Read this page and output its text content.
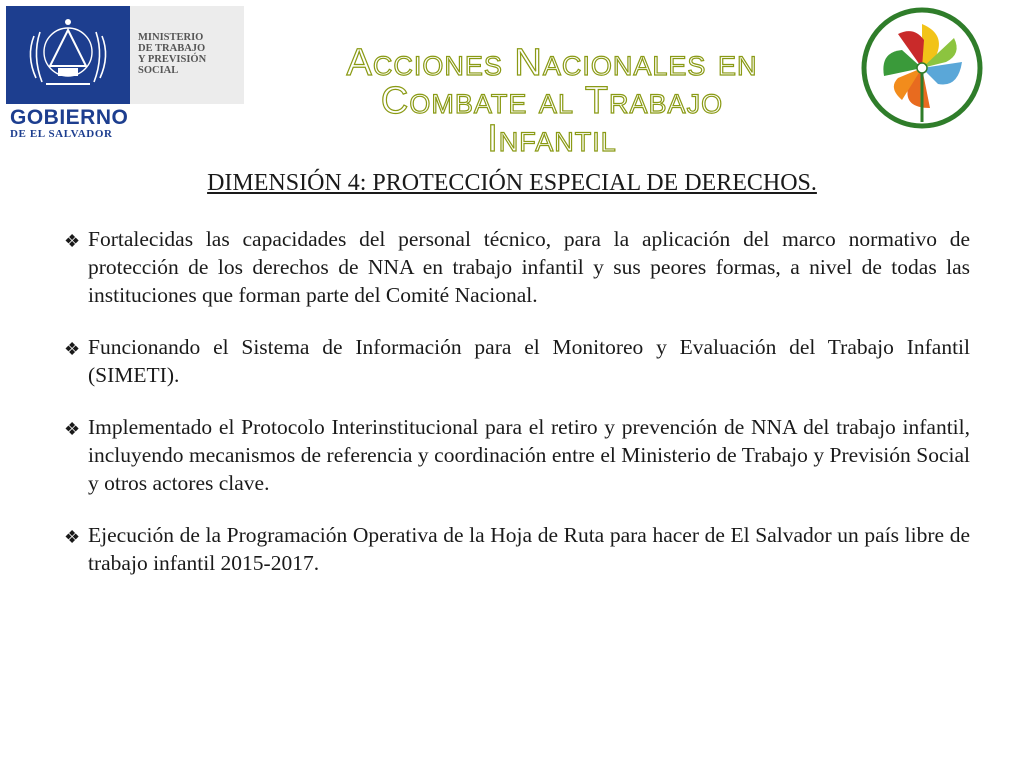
MINISTERIO
DE TRABAJO
Y PREVISIÓN
SOCIAL
GOBIERNO
DE EL SALVADOR
Acciones Nacionales en
Combate al Trabajo
Infantil
DIMENSIÓN 4: PROTECCIÓN ESPECIAL DE DERECHOS.
❖ Fortalecidas las capacidades del personal técnico, para la aplicación del marco normativo de protección de los derechos de NNA en trabajo infantil y sus peores formas, a nivel de todas las instituciones que forman parte del Comité Nacional.
❖ Funcionando el Sistema de Información para el Monitoreo y Evaluación del Trabajo Infantil (SIMETI).
❖ Implementado el Protocolo Interinstitucional para el retiro y prevención de NNA del trabajo infantil, incluyendo mecanismos de referencia y coordinación entre el Ministerio de Trabajo y Previsión Social y otros actores clave.
❖ Ejecución de la Programación Operativa de la Hoja de Ruta para hacer de El Salvador un país libre de trabajo infantil 2015-2017.
